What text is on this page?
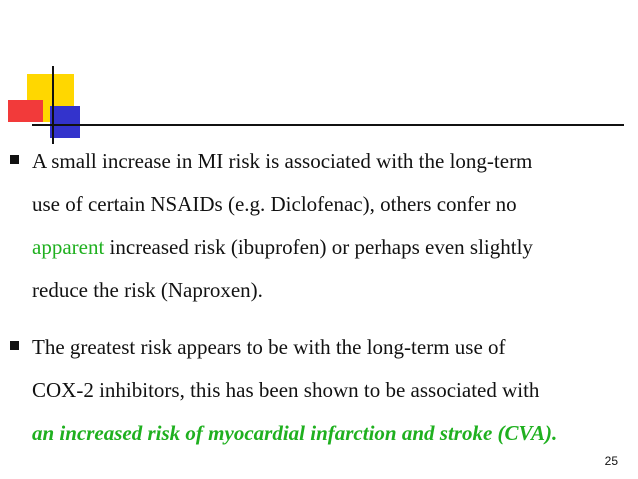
A small increase in MI risk is associated with the long-term
use of certain NSAIDs (e.g. Diclofenac), others confer no
apparent increased risk (ibuprofen) or perhaps even slightly
reduce the risk (Naproxen).
The greatest risk appears to be with the long-term use of
COX-2 inhibitors, this has been shown to be associated with
an increased risk of myocardial infarction and stroke (CVA).
25
